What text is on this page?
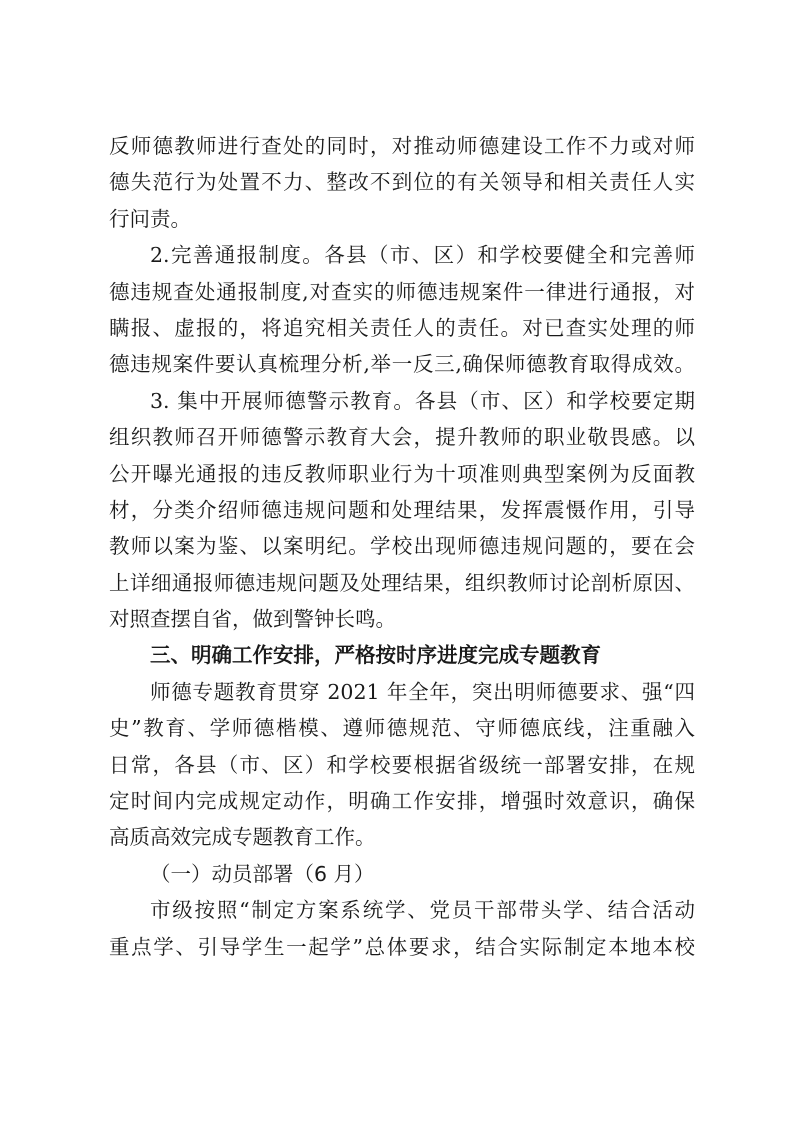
反师德教师进行查处的同时，对推动师德建设工作不力或对师
德失范行为处置不力、整改不到位的有关领导和相关责任人实
行问责。
2.完善通报制度。各县（市、区）和学校要健全和完善师
德违规查处通报制度,对查实的师德违规案件一律进行通报，对
瞒报、虚报的，将追究相关责任人的责任。对已查实处理的师
德违规案件要认真梳理分析,举一反三,确保师德教育取得成效。
3. 集中开展师德警示教育。各县（市、区）和学校要定期
组织教师召开师德警示教育大会，提升教师的职业敬畏感。以
公开曝光通报的违反教师职业行为十项准则典型案例为反面教
材，分类介绍师德违规问题和处理结果，发挥震慑作用，引导
教师以案为鉴、以案明纪。学校出现师德违规问题的，要在会
上详细通报师德违规问题及处理结果，组织教师讨论剖析原因、
对照查摆自省，做到警钟长鸣。
三、明确工作安排，严格按时序进度完成专题教育
师德专题教育贯穿 2021 年全年，突出明师德要求、强“四
史”教育、学师德楷模、遵师德规范、守师德底线，注重融入
日常，各县（市、区）和学校要根据省级统一部署安排，在规
定时间内完成规定动作，明确工作安排，增强时效意识，确保
高质高效完成专题教育工作。
（一）动员部署（6 月）
市级按照“制定方案系统学、党员干部带头学、结合活动
重点学、引导学生一起学”总体要求，结合实际制定本地本校
